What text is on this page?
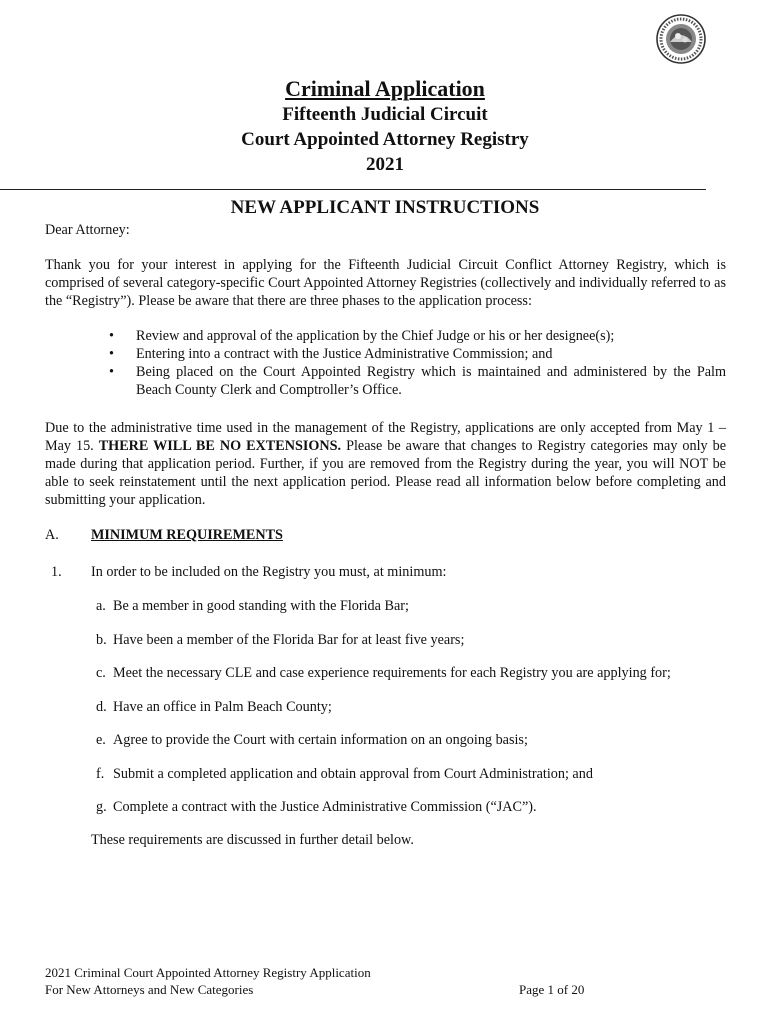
Criminal Application
Fifteenth Judicial Circuit
Court Appointed Attorney Registry
2021
NEW APPLICANT INSTRUCTIONS

Dear Attorney:

Thank you for your interest in applying for the Fifteenth Judicial Circuit Conflict Attorney Registry, which is comprised of several category-specific Court Appointed Attorney Registries (collectively and individually referred to as the “Registry”). Please be aware that there are three phases to the application process:

• Review and approval of the application by the Chief Judge or his or her designee(s);
• Entering into a contract with the Justice Administrative Commission; and
• Being placed on the Court Appointed Registry which is maintained and administered by the Palm Beach County Clerk and Comptroller’s Office.

Due to the administrative time used in the management of the Registry, applications are only accepted from May 1 – May 15. THERE WILL BE NO EXTENSIONS. Please be aware that changes to Registry categories may only be made during that application period. Further, if you are removed from the Registry during the year, you will NOT be able to seek reinstatement until the next application period. Please read all information below before completing and submitting your application.

A. MINIMUM REQUIREMENTS
1. In order to be included on the Registry you must, at minimum:
a. Be a member in good standing with the Florida Bar;
b. Have been a member of the Florida Bar for at least five years;
c. Meet the necessary CLE and case experience requirements for each Registry you are applying for;
d. Have an office in Palm Beach County;
e. Agree to provide the Court with certain information on an ongoing basis;
f. Submit a completed application and obtain approval from Court Administration; and
g. Complete a contract with the Justice Administrative Commission (“JAC”).
These requirements are discussed in further detail below.
2021 Criminal Court Appointed Attorney Registry Application
For New Attorneys and New Categories	Page 1 of 20
